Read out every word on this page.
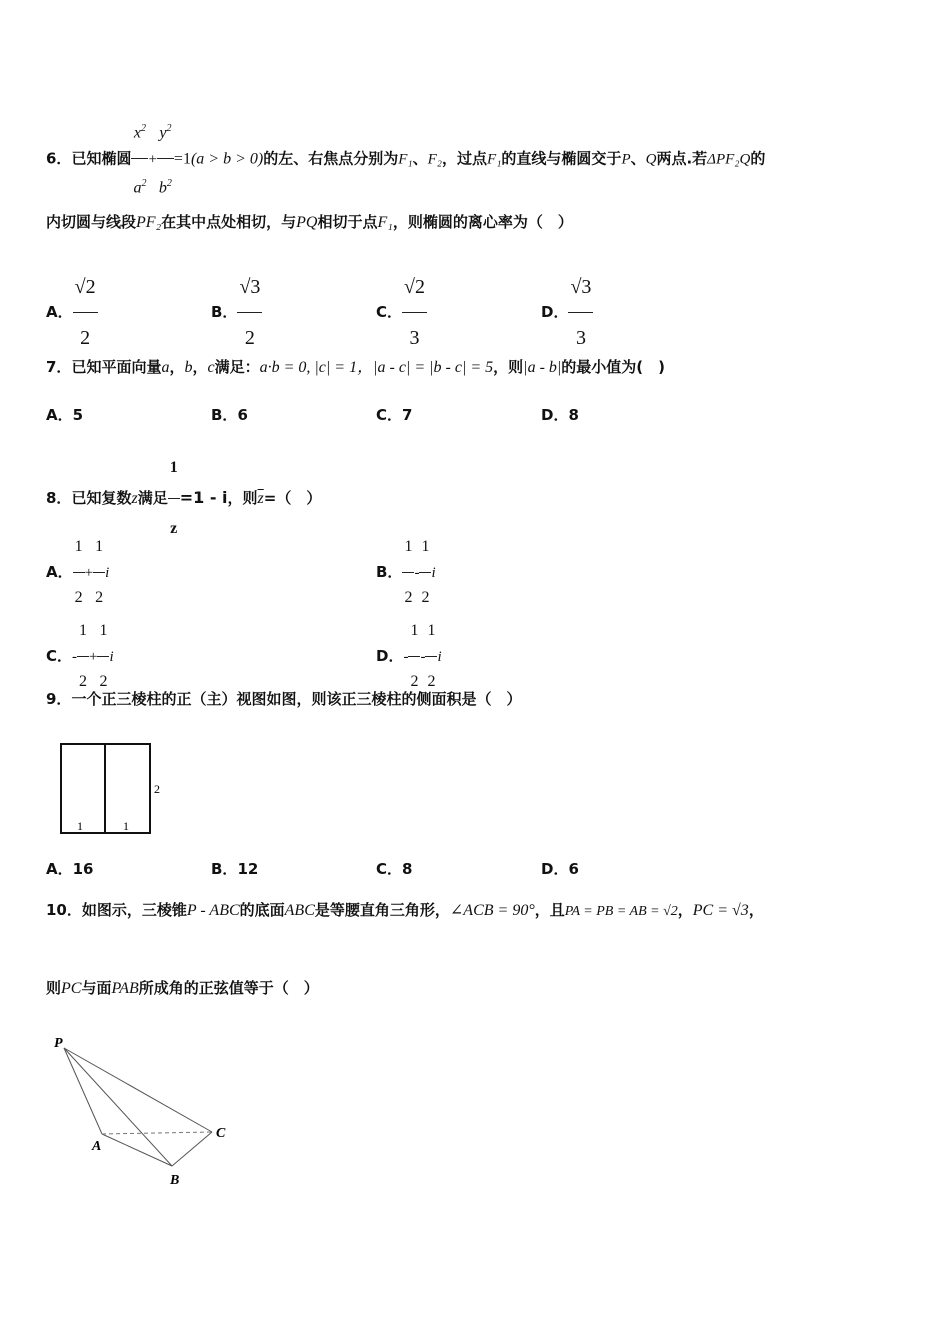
6．已知椭圆 $\frac{x^2}{a^2} + \frac{y^2}{b^2} =1(a > b > 0)$的左、右焦点分别为F₁、F₂，过点F₁的直线与椭圆交于P、Q两点.若ΔPF₂Q的
内切圆与线段PF₂在其中点处相切，与PQ相切于点F₁，则椭圆的离心率为（　）
A． $\frac{√2}{2}$	B． $\frac{√3}{2}$	C． $\frac{√2}{3}$	D． $\frac{√3}{3}$
7．已知平面向量a，b，c满足：a·b = 0, |c| = 1，|a - c| = |b - c| = 5，则|a - b|的最小值为(　)
A．5	B．6	C．7	D．8
8．已知复数z满足 $\frac{1}{z} =1 - i$，则$\overline{z}=$（　）
A． $\frac{1}{2} + \frac{1}{2}$ i	B． $\frac{1}{2} - \frac{1}{2}$ i
C．- $\frac{1}{2} + \frac{1}{2}$ i	D．- $\frac{1}{2} - \frac{1}{2}$ i
9．一个正三棱柱的正（主）视图如图，则该正三棱柱的侧面积是（　）
1	1
2
A．16	B．12	C．8	D．6
10．如图示，三棱锥P - ABC的底面ABC是等腰直角三角形，∠ACB = 90°，且PA = PB = AB = √2，PC = √3，
则PC与面PAB所成角的正弦值等于（　）
P
A
B
C
